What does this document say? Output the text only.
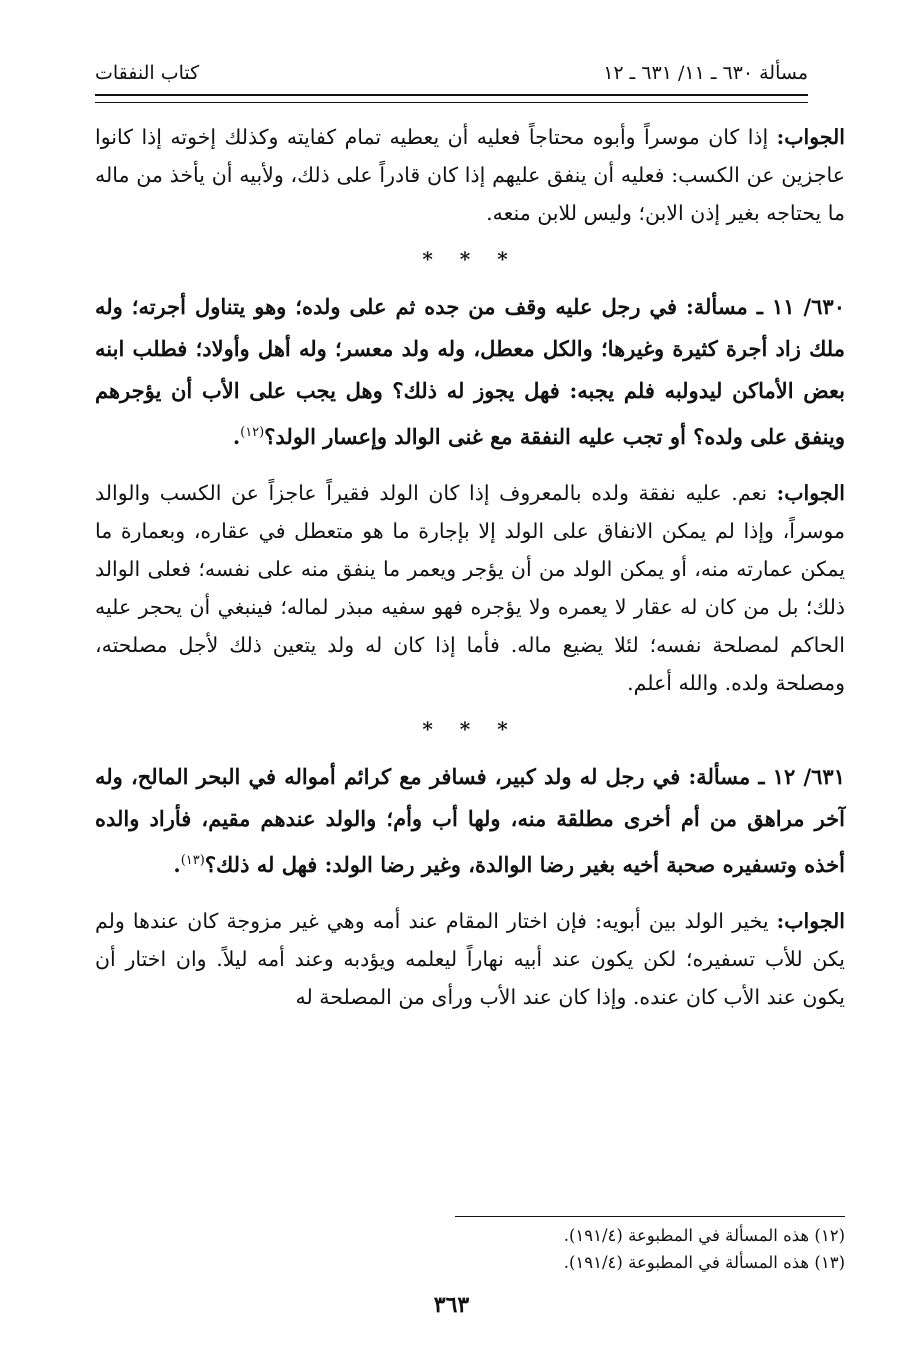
مسألة ٦٣٠ ـ ١١/ ٦٣١ ـ ١٢
كتاب النفقات

الجواب: إذا كان موسراً وأبوه محتاجاً فعليه أن يعطيه تمام كفايته وكذلك إخوته إذا كانوا عاجزين عن الكسب: فعليه أن ينفق عليهم إذا كان قادراً على ذلك، ولأبيه أن يأخذ من ماله ما يحتاجه بغير إذن الابن؛ وليس للابن منعه.

* * *

٦٣٠/ ١١ ـ مسألة: في رجل عليه وقف من جده ثم على ولده؛ وهو يتناول أجرته؛ وله ملك زاد أجرة كثيرة وغيرها؛ والكل معطل، وله ولد معسر؛ وله أهل وأولاد؛ فطلب ابنه بعض الأماكن ليدولبه فلم يجبه: فهل يجوز له ذلك؟ وهل يجب على الأب أن يؤجرهم وينفق على ولده؟ أو تجب عليه النفقة مع غنى الوالد وإعسار الولد؟$^{(١٢)}$.

الجواب: نعم. عليه نفقة ولده بالمعروف إذا كان الولد فقيراً عاجزاً عن الكسب والوالد موسراً، وإذا لم يمكن الانفاق على الولد إلا بإجارة ما هو متعطل في عقاره، وبعمارة ما يمكن عمارته منه، أو يمكن الولد من أن يؤجر ويعمر ما ينفق منه على نفسه؛ فعلى الوالد ذلك؛ بل من كان له عقار لا يعمره ولا يؤجره فهو سفيه مبذر لماله؛ فينبغي أن يحجر عليه الحاكم لمصلحة نفسه؛ لئلا يضيع ماله. فأما إذا كان له ولد يتعين ذلك لأجل مصلحته، ومصلحة ولده. والله أعلم.

* * *

٦٣١/ ١٢ ـ مسألة: في رجل له ولد كبير، فسافر مع كرائم أمواله في البحر المالح، وله آخر مراهق من أم أخرى مطلقة منه، ولها أب وأم؛ والولد عندهم مقيم، فأراد والده أخذه وتسفيره صحبة أخيه بغير رضا الوالدة، وغير رضا الولد: فهل له ذلك؟$^{(١٣)}$.

الجواب: يخير الولد بين أبويه: فإن اختار المقام عند أمه وهي غير مزوجة كان عندها ولم يكن للأب تسفيره؛ لكن يكون عند أبيه نهاراً ليعلمه ويؤدبه وعند أمه ليلاً. وان اختار أن يكون عند الأب كان عنده. وإذا كان عند الأب ورأى من المصلحة له

(١٢) هذه المسألة في المطبوعة (١٩١/٤).
(١٣) هذه المسألة في المطبوعة (١٩١/٤).
٣٦٣
